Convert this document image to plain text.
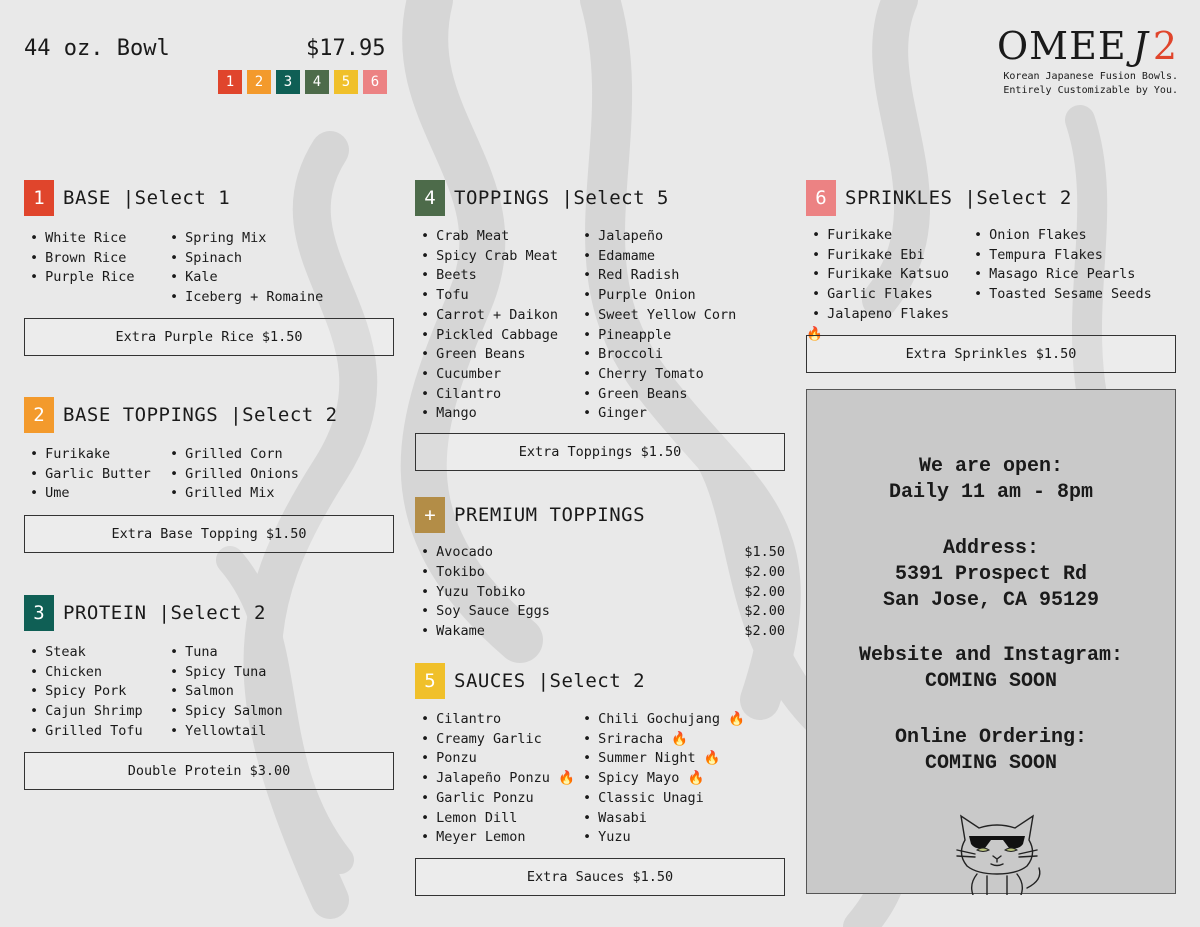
44 oz. Bowl	$17.95
1	2	3	4	5	6
OMEE J 2
Korean Japanese Fusion Bowls.
Entirely Customizable by You.
1 BASE |Select 1
• White Rice
• Brown Rice
• Purple Rice
• Spring Mix
• Spinach
• Kale
• Iceberg + Romaine
Extra Purple Rice $1.50
2 BASE TOPPINGS |Select 2
• Furikake
• Garlic Butter
• Ume
• Grilled Corn
• Grilled Onions
• Grilled Mix
Extra Base Topping $1.50
3 PROTEIN |Select 2
• Steak
• Chicken
• Spicy Pork
• Cajun Shrimp
• Grilled Tofu
• Tuna
• Spicy Tuna
• Salmon
• Spicy Salmon
• Yellowtail
Double Protein $3.00
4 TOPPINGS |Select 5
• Crab Meat
• Spicy Crab Meat
• Beets
• Tofu
• Carrot + Daikon
• Pickled Cabbage
• Green Beans
• Cucumber
• Cilantro
• Mango
• Jalapeño
• Edamame
• Red Radish
• Purple Onion
• Sweet Yellow Corn
• Pineapple
• Broccoli
• Cherry Tomato
• Green Beans
• Ginger
Extra Toppings $1.50
5 SAUCES |Select 2
• Cilantro
• Creamy Garlic
• Ponzu
• Jalapeño Ponzu 🔥
• Garlic Ponzu
• Lemon Dill
• Meyer Lemon
• Chili Gochujang 🔥
• Sriracha 🔥
• Summer Night 🔥
• Spicy Mayo 🔥
• Classic Unagi
• Wasabi
• Yuzu
Extra Sauces $1.50
6 SPRINKLES |Select 2
• Furikake
• Furikake Ebi
• Furikake Katsuo
• Garlic Flakes
• Jalapeno Flakes 🔥
• Onion Flakes
• Tempura Flakes
• Masago Rice Pearls
• Toasted Sesame Seeds
Extra Sprinkles $1.50
+ PREMIUM TOPPINGS
• Avocado	$1.50
• Tokibo	$2.00
• Yuzu Tobiko	$2.00
• Soy Sauce Eggs	$2.00
• Wakame	$2.00
We are open:
Daily 11 am - 8pm
Address:
5391 Prospect Rd
San Jose, CA 95129
Website and Instagram:
COMING SOON
Online Ordering:
COMING SOON
